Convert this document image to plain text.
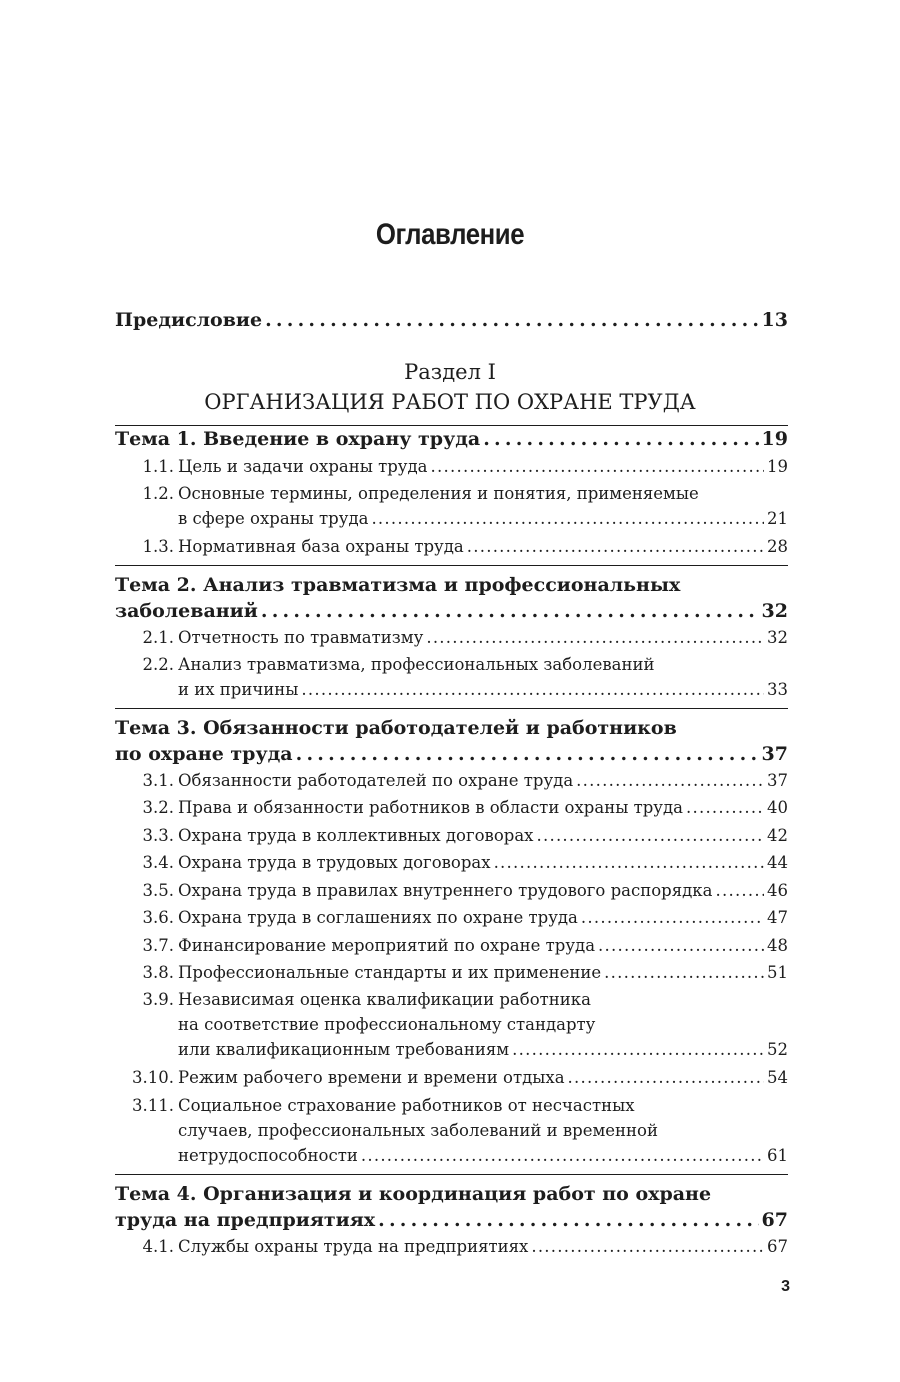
Оглавление
Предисловие . . .	13
Тема 1. Введение в охрану труда . . .	19
1.1. Цель и задачи охраны труда . . .	19
1.2. Основные термины, определения и понятия, применяемые
в сфере охраны труда . . .	21
1.3. Нормативная база охраны труда . . .	28
Тема 2. Анализ травматизма и профессиональных
заболеваний . . .	32
2.1. Отчетность по травматизму . . .	32
2.2. Анализ травматизма, профессиональных заболеваний
и их причины . . .	33
Тема 3. Обязанности работодателей и работников
по охране труда . . .	37
3.1. Обязанности работодателей по охране труда . . .	37
3.2. Права и обязанности работников в области охраны труда . . .	40
3.3. Охрана труда в коллективных договорах . . .	42
3.4. Охрана труда в трудовых договорах . . .	44
3.5. Охрана труда в правилах внутреннего трудового распорядка . . .	46
3.6. Охрана труда в соглашениях по охране труда . . .	47
3.7. Финансирование мероприятий по охране труда . . .	48
3.8. Профессиональные стандарты и их применение . . .	51
3.9. Независимая оценка квалификации работника
на соответствие профессиональному стандарту
или квалификационным требованиям . . .	52
3.10. Режим рабочего времени и времени отдыха . . .	54
3.11. Социальное страхование работников от несчастных
случаев, профессиональных заболеваний и временной
нетрудоспособности . . .	61
Тема 4. Организация и координация работ по охране
труда на предприятиях . . .	67
4.1. Службы охраны труда на предприятиях . . .	67
Раздел I
ОРГАНИЗАЦИЯ РАБОТ ПО ОХРАНЕ ТРУДА
3
